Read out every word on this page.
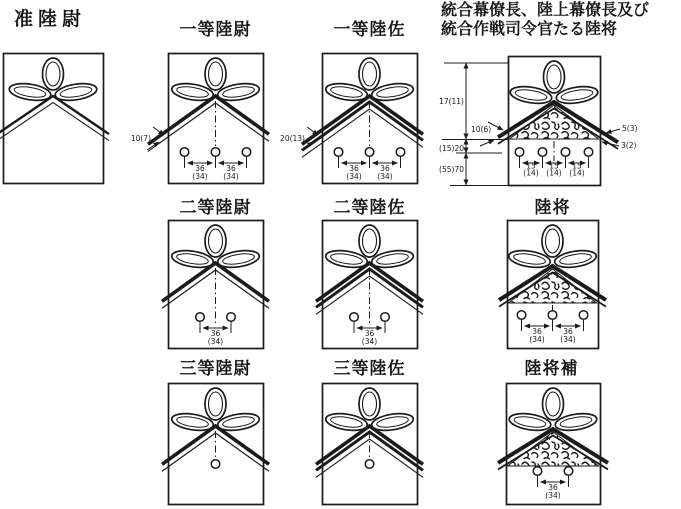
准陸尉	一等陸尉	一等陸佐
統合幕僚長、陸上幕僚長及び
統合作戦司令官たる陸将
二等陸尉	二等陸佐	陸将
三等陸尉	三等陸佐	陸将補
36
(34)
36
(34)
10(7)
36
(34)
36
(34)
20(13)
15
(14)
15
(14)
15
(14)
17(11)
(15)20
(55)70
10(6)	5(3)
3(2)
36
(34)
36
(34)
36
(34)
36
(34)
36
(34)
